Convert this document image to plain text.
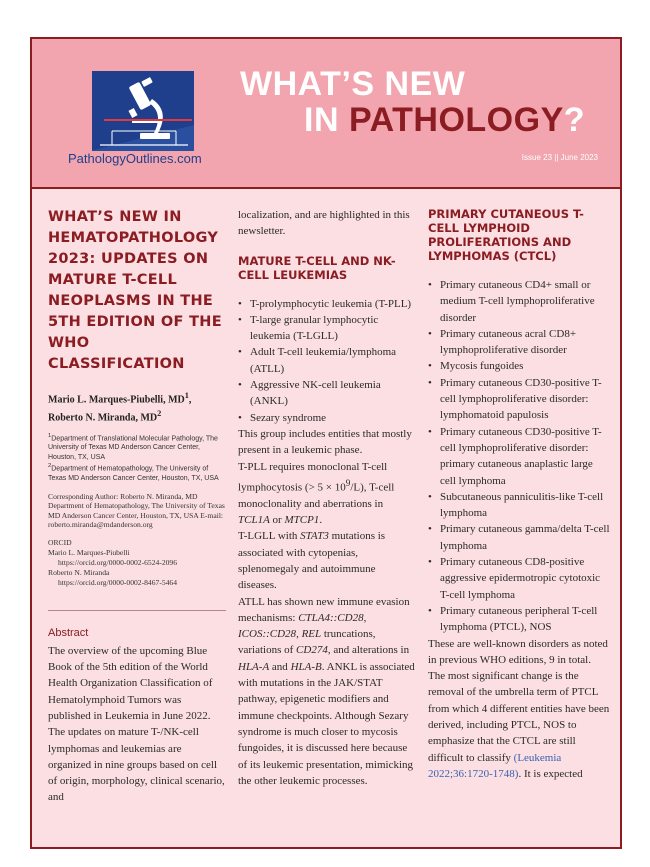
PathologyOutlines.com
WHAT’S NEW
IN PATHOLOGY?
Issue 23 || June 2023
WHAT’S NEW IN HEMATOPATHOLOGY 2023: UPDATES ON MATURE T-CELL NEOPLASMS IN THE 5TH EDITION OF THE WHO CLASSIFICATION
Mario L. Marques-Piubelli, $MD^1$,
Roberto N. Miranda, $MD^2$
$^1$Department of Translational Molecular Pathology, The University of Texas MD Anderson Cancer Center, Houston, TX, USA
$^2$Department of Hematopathology, The University of Texas MD Anderson Cancer Center, Houston, TX, USA
Corresponding Author: Roberto N. Miranda, MD Department of Hematopathology, The University of Texas MD Anderson Cancer Center, Houston, TX, USA E-mail: roberto.miranda@mdanderson.org
ORCID
Mario L. Marques-Piubelli
https://orcid.org/0000-0002-6524-2096
Roberto N. Miranda
https://orcid.org/0000-0002-8467-5464
Abstract
The overview of the upcoming Blue Book of the 5th edition of the World Health Organization Classification of Hematolymphoid Tumors was published in Leukemia in June 2022. The updates on mature T-/NK-cell lymphomas and leukemias are organized in nine groups based on cell of origin, morphology, clinical scenario, and
localization, and are highlighted in this newsletter.
MATURE T-CELL AND NK-CELL LEUKEMIAS
• T-prolymphocytic leukemia (T-PLL)
• T-large granular lymphocytic leukemia (T-LGLL)
• Adult T-cell leukemia/lymphoma (ATLL)
• Aggressive NK-cell leukemia (ANKL)
• Sezary syndrome
This group includes entities that mostly present in a leukemic phase.
T-PLL requires monoclonal T-cell lymphocytosis (> $5 \times 10^9/L$), T-cell monoclonality and aberrations in TCL1A or MTCP1.
T-LGLL with STAT3 mutations is associated with cytopenias, splenomegaly and autoimmune diseases.
ATLL has shown new immune evasion mechanisms: CTLA4::CD28, ICOS::CD28, REL truncations, variations of CD274, and alterations in HLA-A and HLA-B. ANKL is associated with mutations in the JAK/STAT pathway, epigenetic modifiers and immune checkpoints. Although Sezary syndrome is much closer to mycosis fungoides, it is discussed here because of its leukemic presentation, mimicking the other leukemic processes.
PRIMARY CUTANEOUS T-CELL LYMPHOID PROLIFERATIONS AND LYMPHOMAS (CTCL)
• Primary cutaneous CD4+ small or medium T-cell lymphoproliferative disorder
• Primary cutaneous acral CD8+ lymphoproliferative disorder
• Mycosis fungoides
• Primary cutaneous CD30-positive T-cell lymphoproliferative disorder: lymphomatoid papulosis
• Primary cutaneous CD30-positive T-cell lymphoproliferative disorder: primary cutaneous anaplastic large cell lymphoma
• Subcutaneous panniculitis-like T-cell lymphoma
• Primary cutaneous gamma/delta T-cell lymphoma
• Primary cutaneous CD8-positive aggressive epidermotropic cytotoxic T-cell lymphoma
• Primary cutaneous peripheral T-cell lymphoma (PTCL), NOS
These are well-known disorders as noted in previous WHO editions, 9 in total. The most significant change is the removal of the umbrella term of PTCL from which 4 different entities have been derived, including PTCL, NOS to emphasize that the CTCL are still difficult to classify (Leukemia 2022;36:1720-1748). It is expected
